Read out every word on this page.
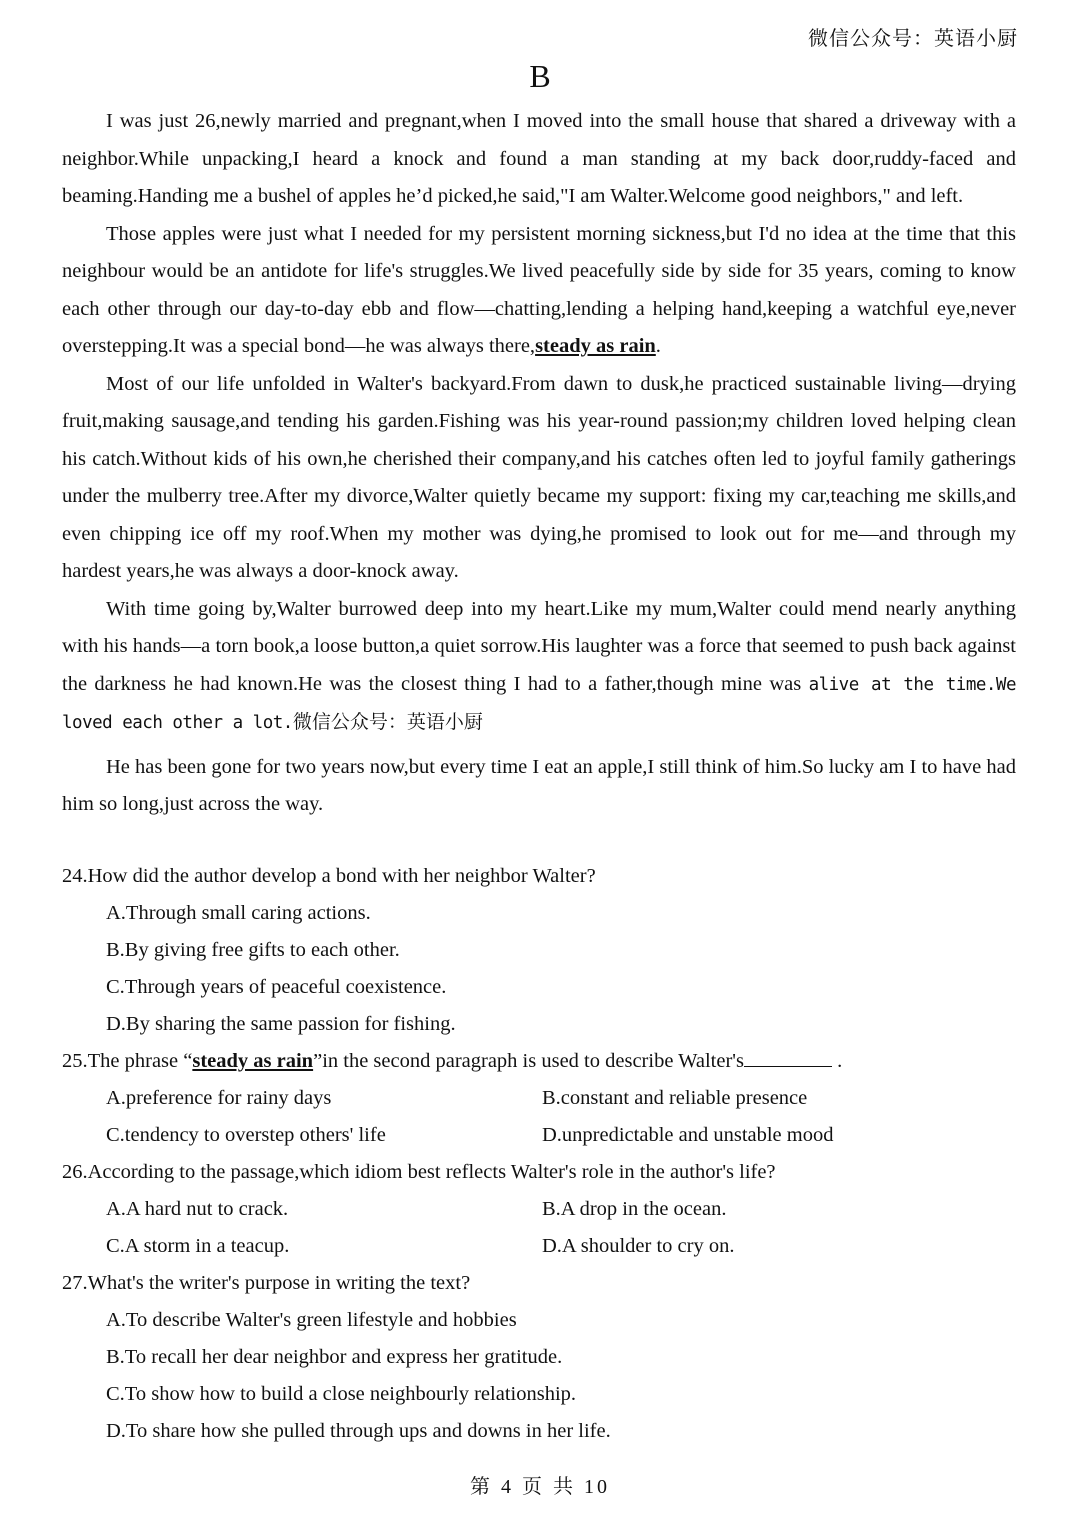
微信公众号：英语小厨
B

I was just 26,newly married and pregnant,when I moved into the small house that shared a driveway with a neighbor.While unpacking,I heard a knock and found a man standing at my back door,ruddy-faced and beaming.Handing me a bushel of apples he’d picked,he said,"I am Walter.Welcome good neighbors," and left.

Those apples were just what I needed for my persistent morning sickness,but I'd no idea at the time that this neighbour would be an antidote for life's struggles.We lived peacefully side by side for 35 years, coming to know each other through our day-to-day ebb and flow—chatting,lending a helping hand,keeping a watchful eye,never overstepping.It was a special bond—he was always there,steady as rain.

Most of our life unfolded in Walter's backyard.From dawn to dusk,he practiced sustainable living—drying fruit,making sausage,and tending his garden.Fishing was his year-round passion;my children loved helping clean his catch.Without kids of his own,he cherished their company,and his catches often led to joyful family gatherings under the mulberry tree.After my divorce,Walter quietly became my support: fixing my car,teaching me skills,and even chipping ice off my roof.When my mother was dying,he promised to look out for me—and through my hardest years,he was always a door-knock away.

With time going by,Walter burrowed deep into my heart.Like my mum,Walter could mend nearly anything with his hands—a torn book,a loose button,a quiet sorrow.His laughter was a force that seemed to push back against the darkness he had known.He was the closest thing I had to a father,though mine was alive at the time.We loved each other a lot.微信公众号：英语小厨

He has been gone for two years now,but every time I eat an apple,I still think of him.So lucky am I to have had him so long,just across the way.

24.How did the author develop a bond with her neighbor Walter?

A.Through small caring actions.

B.By giving free gifts to each other.

C.Through years of peaceful coexistence.

D.By sharing the same passion for fishing.

25.The phrase “steady as rain”in the second paragraph is used to describe Walter's	.

A.preference for rainy days	B.constant and reliable presence
C.tendency to overstep others' life	D.unpredictable and unstable mood

26.According to the passage,which idiom best reflects Walter's role in the author's life?

A.A hard nut to crack.	B.A drop in the ocean.
C.A storm in a teacup.	D.A shoulder to cry on.

27.What's the writer's purpose in writing the text?

A.To describe Walter's green lifestyle and hobbies

B.To recall her dear neighbor and express her gratitude.

C.To show how to build a close neighbourly relationship.

D.To share how she pulled through ups and downs in her life.

第 4 页 共 10
